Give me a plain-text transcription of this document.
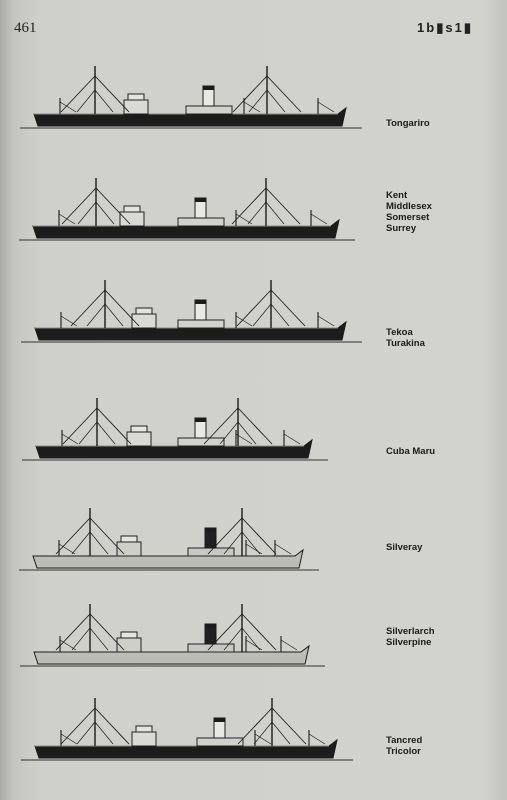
461	1b▮s1▮
Tongariro
Kent
Middlesex
Somerset
Surrey
Tekoa
Turakina
Cuba Maru
Silveray
Silverlarch
Silverpine
Tancred
Tricolor
